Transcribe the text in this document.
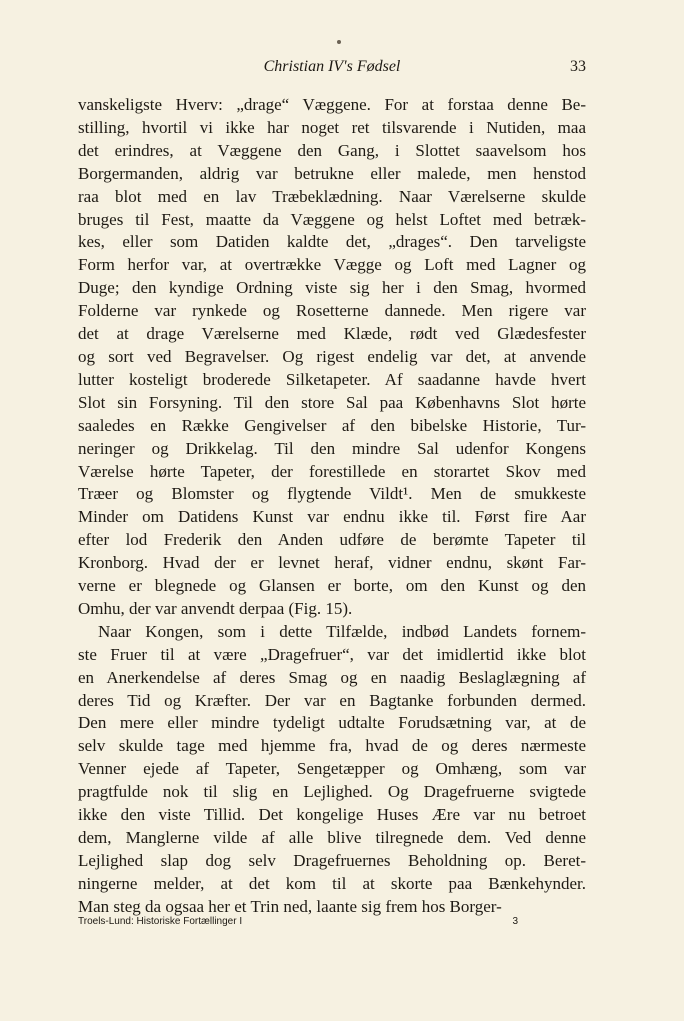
Christian IV's Fødsel	33
vanskeligste Hverv: „drage“ Væggene. For at forstaa denne Be-
stilling, hvortil vi ikke har noget ret tilsvarende i Nutiden, maa
det erindres, at Væggene den Gang, i Slottet saavelsom hos
Borgermanden, aldrig var betrukne eller malede, men henstod
raa blot med en lav Træbeklædning. Naar Værelserne skulde
bruges til Fest, maatte da Væggene og helst Loftet med betræk-
kes, eller som Datiden kaldte det, „drages“. Den tarveligste
Form herfor var, at overtrække Vægge og Loft med Lagner og
Duge; den kyndige Ordning viste sig her i den Smag, hvormed
Folderne var rynkede og Rosetterne dannede. Men rigere var
det at drage Værelserne med Klæde, rødt ved Glædesfester
og sort ved Begravelser. Og rigest endelig var det, at anvende
lutter kosteligt broderede Silketapeter. Af saadanne havde hvert
Slot sin Forsyning. Til den store Sal paa Københavns Slot hørte
saaledes en Række Gengivelser af den bibelske Historie, Tur-
neringer og Drikkelag. Til den mindre Sal udenfor Kongens
Værelse hørte Tapeter, der forestillede en storartet Skov med
Træer og Blomster og flygtende Vildt¹. Men de smukkeste
Minder om Datidens Kunst var endnu ikke til. Først fire Aar
efter lod Frederik den Anden udføre de berømte Tapeter til
Kronborg. Hvad der er levnet heraf, vidner endnu, skønt Far-
verne er blegnede og Glansen er borte, om den Kunst og den
Omhu, der var anvendt derpaa (Fig. 15).
Naar Kongen, som i dette Tilfælde, indbød Landets fornem-
ste Fruer til at være „Dragefruer“, var det imidlertid ikke blot
en Anerkendelse af deres Smag og en naadig Beslaglægning af
deres Tid og Kræfter. Der var en Bagtanke forbunden dermed.
Den mere eller mindre tydeligt udtalte Forudsætning var, at de
selv skulde tage med hjemme fra, hvad de og deres nærmeste
Venner ejede af Tapeter, Sengetæpper og Omhæng, som var
pragtfulde nok til slig en Lejlighed. Og Dragefruerne svigtede
ikke den viste Tillid. Det kongelige Huses Ære var nu betroet
dem, Manglerne vilde af alle blive tilregnede dem. Ved denne
Lejlighed slap dog selv Dragefruernes Beholdning op. Beret-
ningerne melder, at det kom til at skorte paa Bænkehynder.
Man steg da ogsaa her et Trin ned, laante sig frem hos Borger-
Troels-Lund: Historiske Fortællinger I	3
